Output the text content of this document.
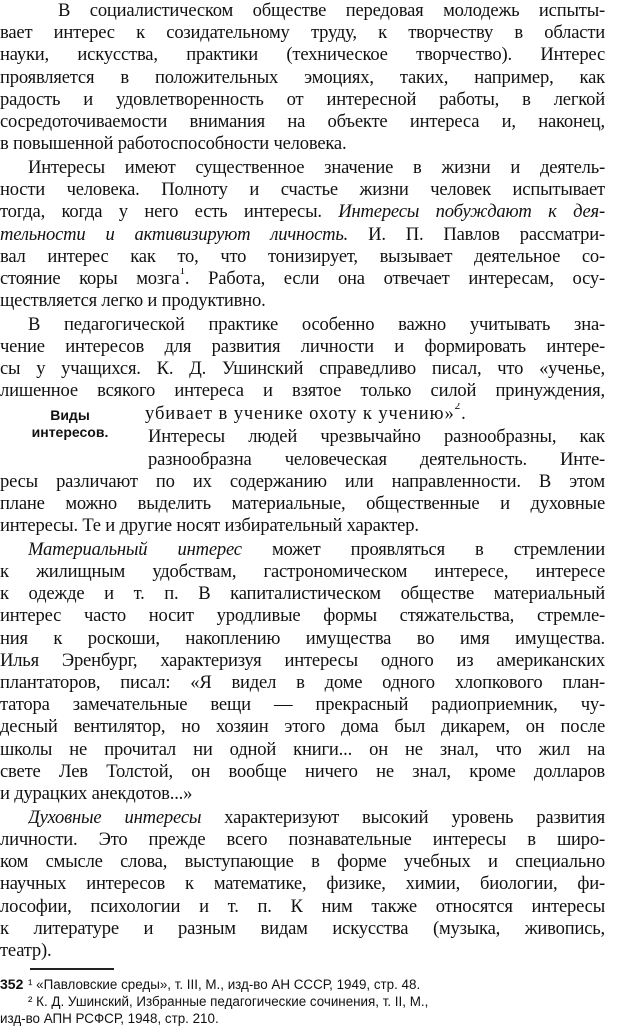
В социалистическом обществе передовая молодежь испыты-
вает интерес к созидательному труду, к творчеству в области
науки, искусства, практики (техническое творчество). Интерес
проявляется в положительных эмоциях, таких, например, как
радость и удовлетворенность от интересной работы, в легкой
сосредоточиваемости внимания на объекте интереса и, наконец,
в повышенной работоспособности человека.
Интересы имеют существенное значение в жизни и деятель-
ности человека. Полноту и счастье жизни человек испытывает
тогда, когда у него есть интересы. Интересы побуждают к дея-
тельности и активизируют личность. И. П. Павлов рассматри-
вал интерес как то, что тонизирует, вызывает деятельное со-
стояние коры мозга$^1$. Работа, если она отвечает интересам, осу-
ществляется легко и продуктивно.
В педагогической практике особенно важно учитывать зна-
чение интересов для развития личности и формировать интере-
сы у учащихся. К. Д. Ушинский справедливо писал, что «ученье,
лишенное всякого интереса и взятое только силой принуждения,
убивает в ученике охоту к учению»$^2$.
Виды
интересов.	Интересы людей чрезвычайно разнообразны, как
разнообразна человеческая деятельность. Инте-
ресы различают по их содержанию или направленности. В этом
плане можно выделить материальные, общественные и духовные
интересы. Те и другие носят избирательный характер.
Материальный интерес может проявляться в стремлении
к жилищным удобствам, гастрономическом интересе, интересе
к одежде и т. п. В капиталистическом обществе материальный
интерес часто носит уродливые формы стяжательства, стремле-
ния к роскоши, накоплению имущества во имя имущества.
Илья Эренбург, характеризуя интересы одного из американских
плантаторов, писал: «Я видел в доме одного хлопкового план-
татора замечательные вещи — прекрасный радиоприемник, чу-
десный вентилятор, но хозяин этого дома был дикарем, он после
школы не прочитал ни одной книги... он не знал, что жил на
свете Лев Толстой, он вообще ничего не знал, кроме долларов
и дурацких анекдотов...»
Духовные интересы характеризуют высокий уровень развития
личности. Это прежде всего познавательные интересы в широ-
ком смысле слова, выступающие в форме учебных и специально
научных интересов к математике, физике, химии, биологии, фи-
лософии, психологии и т. п. К ним также относятся интересы
к литературе и разным видам искусства (музыка, живопись,
театр).
¹ «Павловские среды», т. III, М., изд-во АН СССР, 1949, стр. 48.
² К. Д. Ушинский, Избранные педагогические сочинения, т. II, М.,
изд-во АПН РСФСР, 1948, стр. 210.
352
